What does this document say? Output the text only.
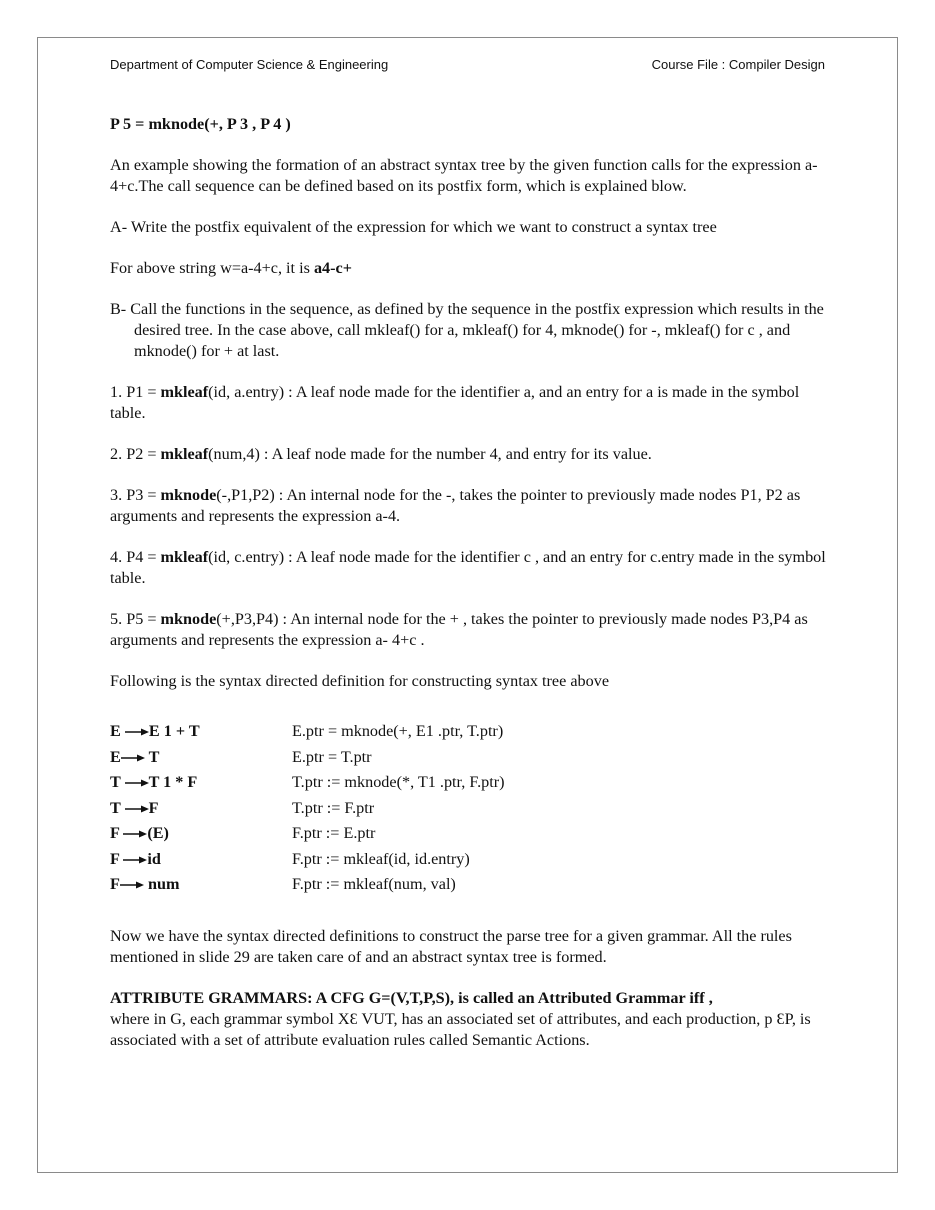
Department of Computer Science & Engineering	Course File : Compiler Design

P 5 = mknode(+, P 3 , P 4 )

An example showing the formation of an abstract syntax tree by the given function calls for the expression a-4+c.The call sequence can be defined based on its postfix form, which is explained blow.

A- Write the postfix equivalent of the expression for which we want to construct a syntax tree

For above string w=a-4+c, it is a4-c+

B- Call the functions in the sequence, as defined by the sequence in the postfix expression which results in the desired tree. In the case above, call mkleaf() for a, mkleaf() for 4, mknode() for -, mkleaf() for c , and mknode() for + at last.

1. P1 = mkleaf(id, a.entry) : A leaf node made for the identifier a, and an entry for a is made in the symbol table.

2. P2 = mkleaf(num,4) : A leaf node made for the number 4, and entry for its value.

3. P3 = mknode(-,P1,P2) : An internal node for the -, takes the pointer to previously made nodes P1, P2 as arguments and represents the expression a-4.

4. P4 = mkleaf(id, c.entry) : A leaf node made for the identifier c , and an entry for c.entry made in the symbol table.

5. P5 = mknode(+,P3,P4) : An internal node for the + , takes the pointer to previously made nodes P3,P4 as arguments and represents the expression a- 4+c .

Following is the syntax directed definition for constructing syntax tree above

E E 1 + T	E.ptr = mknode(+, E1 .ptr, T.ptr)
E T	E.ptr = T.ptr
T T 1 * F	T.ptr := mknode(*, T1 .ptr, F.ptr)
T F	T.ptr := F.ptr
F (E)	F.ptr := E.ptr
F id	F.ptr := mkleaf(id, id.entry)
F num	F.ptr := mkleaf(num, val)

Now we have the syntax directed definitions to construct the parse tree for a given grammar. All the rules mentioned in slide 29 are taken care of and an abstract syntax tree is formed.

ATTRIBUTE GRAMMARS: A CFG G=(V,T,P,S), is called an Attributed Grammar iff ,
where in G, each grammar symbol XƐ VUT, has an associated set of attributes, and each production, p ƐP, is associated with a set of attribute evaluation rules called Semantic Actions.
